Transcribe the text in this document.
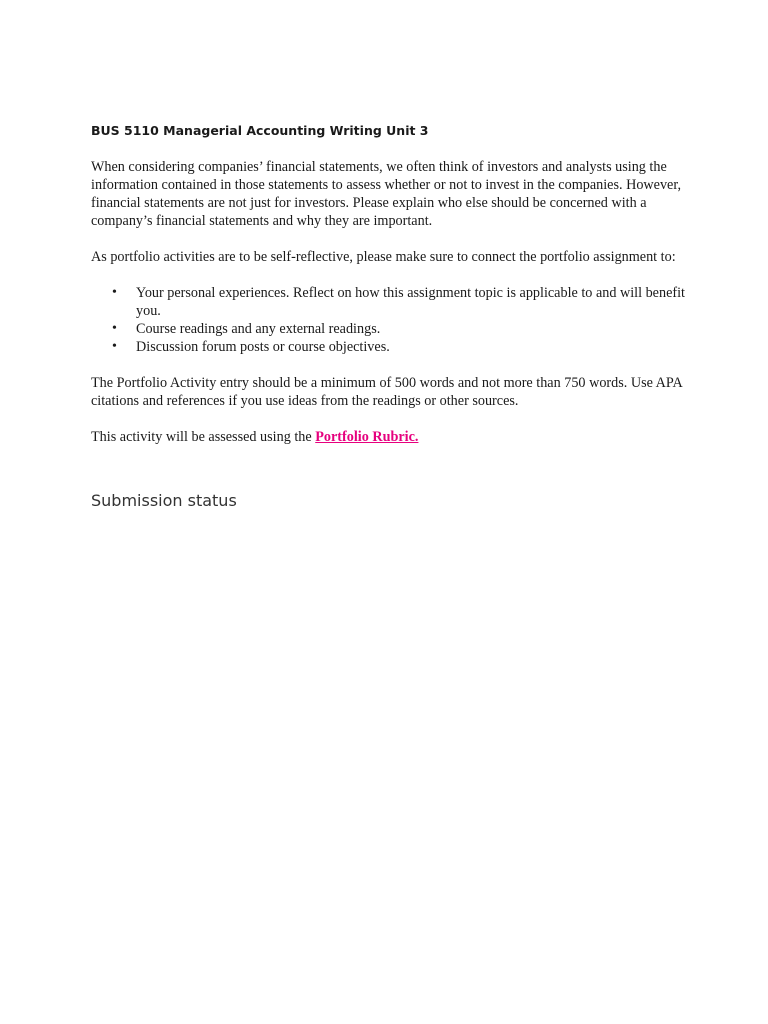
BUS 5110 Managerial Accounting Writing Unit 3

When considering companies’ financial statements, we often think of investors and analysts using the information contained in those statements to assess whether or not to invest in the companies. However, financial statements are not just for investors. Please explain who else should be concerned with a company’s financial statements and why they are important.

As portfolio activities are to be self-reflective, please make sure to connect the portfolio assignment to:

• Your personal experiences. Reflect on how this assignment topic is applicable to and will benefit you.
• Course readings and any external readings.
• Discussion forum posts or course objectives.

The Portfolio Activity entry should be a minimum of 500 words and not more than 750 words. Use APA citations and references if you use ideas from the readings or other sources.

This activity will be assessed using the Portfolio Rubric.

Submission status
